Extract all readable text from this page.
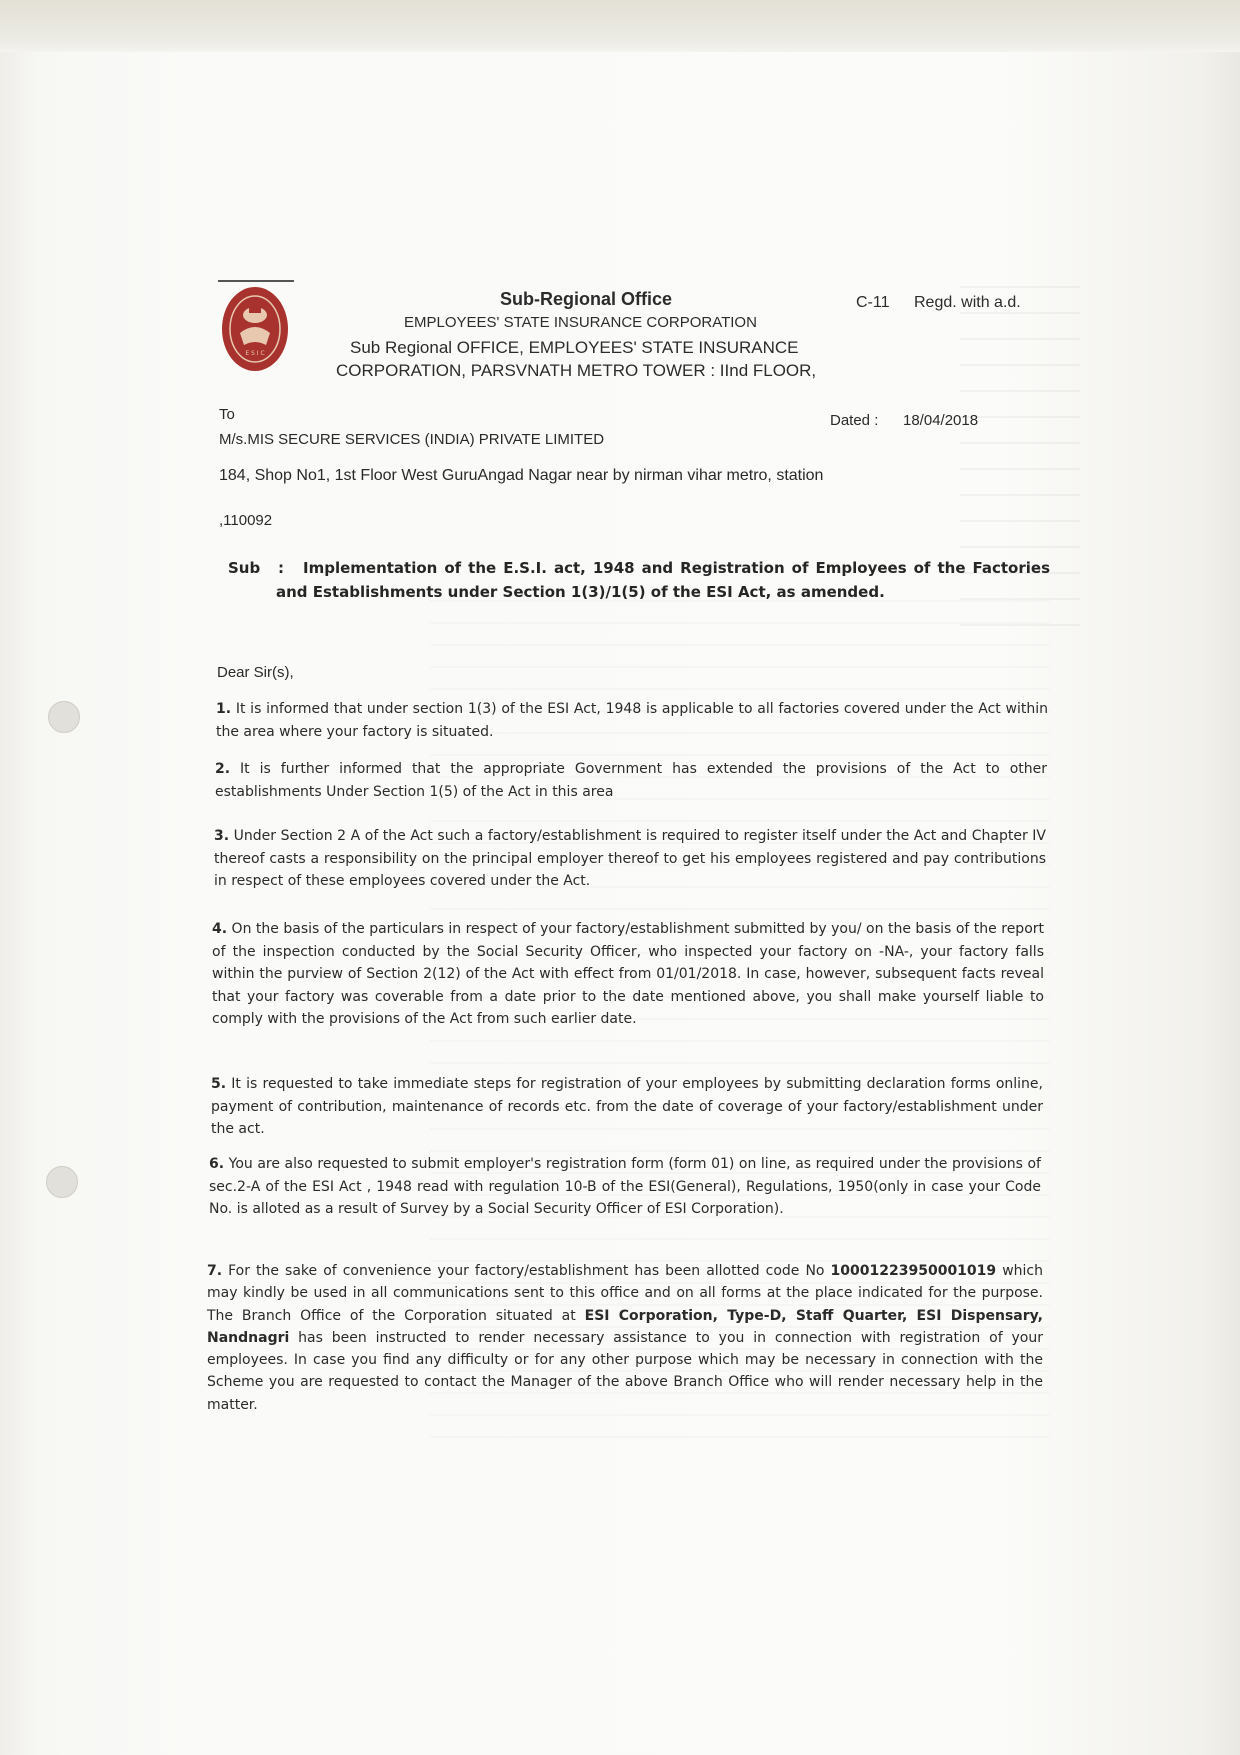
E S I C
Sub-Regional Office
EMPLOYEES' STATE INSURANCE CORPORATION
Sub Regional OFFICE, EMPLOYEES' STATE INSURANCE
CORPORATION, PARSVNATH METRO TOWER : IInd FLOOR,
C-11 Regd. with a.d.
To
M/s.MIS SECURE SERVICES (INDIA) PRIVATE LIMITED
Dated : 18/04/2018
184, Shop No1, 1st Floor West GuruAngad Nagar near by nirman vihar metro, station
,110092
Sub :	Implementation of the E.S.I. act, 1948 and Registration of Employees of the Factories and Establishments under Section 1(3)/1(5) of the ESI Act, as amended.
Dear Sir(s),
1. It is informed that under section 1(3) of the ESI Act, 1948 is applicable to all factories covered under the Act within the area where your factory is situated.
2. It is further informed that the appropriate Government has extended the provisions of the Act to other establishments Under Section 1(5) of the Act in this area
3. Under Section 2 A of the Act such a factory/establishment is required to register itself under the Act and Chapter IV thereof casts a responsibility on the principal employer thereof to get his employees registered and pay contributions in respect of these employees covered under the Act.
4. On the basis of the particulars in respect of your factory/establishment submitted by you/ on the basis of the report of the inspection conducted by the Social Security Officer, who inspected your factory on -NA-, your factory falls within the purview of Section 2(12) of the Act with effect from 01/01/2018. In case, however, subsequent facts reveal that your factory was coverable from a date prior to the date mentioned above, you shall make yourself liable to comply with the provisions of the Act from such earlier date.
5. It is requested to take immediate steps for registration of your employees by submitting declaration forms online, payment of contribution, maintenance of records etc. from the date of coverage of your factory/establishment under the act.
6. You are also requested to submit employer's registration form (form 01) on line, as required under the provisions of sec.2-A of the ESI Act , 1948 read with regulation 10-B of the ESI(General), Regulations, 1950(only in case your Code No. is alloted as a result of Survey by a Social Security Officer of ESI Corporation).
7. For the sake of convenience your factory/establishment has been allotted code No 10001223950001019 which may kindly be used in all communications sent to this office and on all forms at the place indicated for the purpose. The Branch Office of the Corporation situated at ESI Corporation, Type-D, Staff Quarter, ESI Dispensary, Nandnagri has been instructed to render necessary assistance to you in connection with registration of your employees. In case you find any difficulty or for any other purpose which may be necessary in connection with the Scheme you are requested to contact the Manager of the above Branch Office who will render necessary help in the matter.
